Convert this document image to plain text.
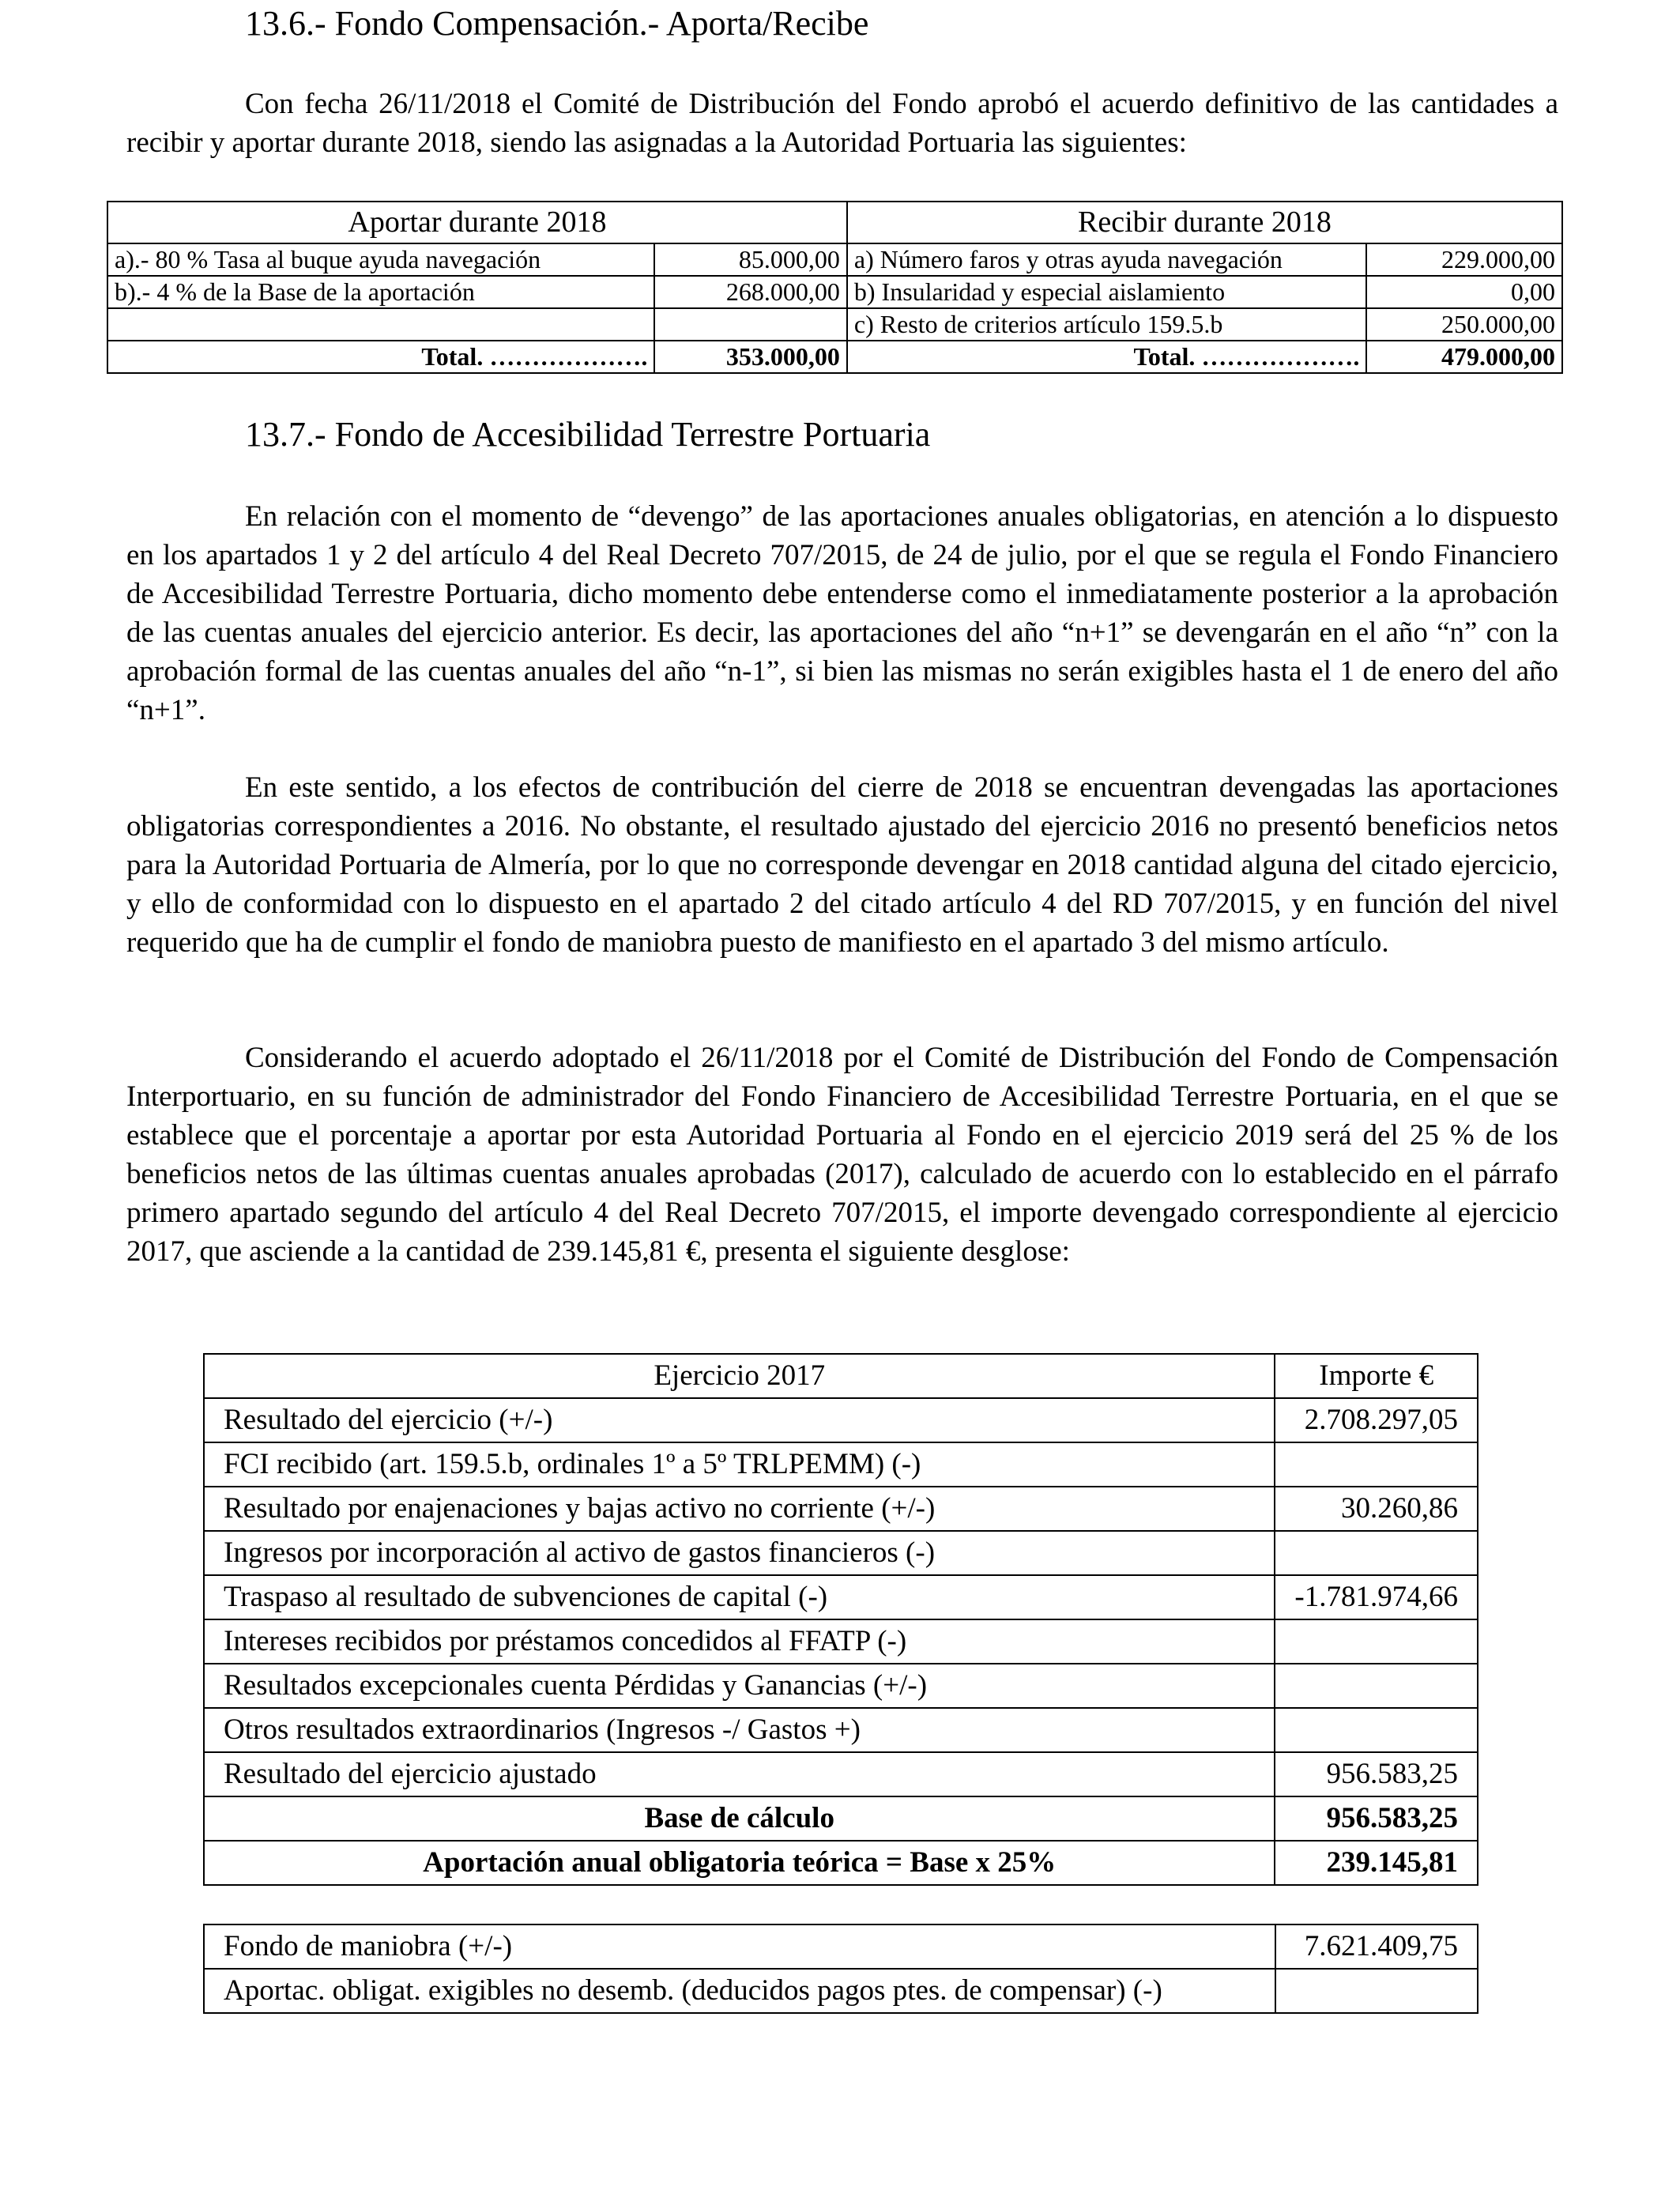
13.6.- Fondo Compensación.- Aporta/Recibe

Con fecha 26/11/2018 el Comité de Distribución del Fondo aprobó el acuerdo definitivo de las cantidades a recibir y aportar durante 2018, siendo las asignadas a la Autoridad Portuaria las siguientes:

Aportar durante 2018		Recibir durante 2018	
a).- 80 % Tasa al buque ayuda navegación	85.000,00	a) Número faros y otras ayuda navegación	229.000,00
b).- 4 % de la Base de la aportación	268.000,00	b) Insularidad y especial aislamiento	0,00
		c) Resto de criterios artículo 159.5.b	250.000,00
Total. ……………….	353.000,00	Total. ……………….	479.000,00
13.7.- Fondo de Accesibilidad Terrestre Portuaria

En relación con el momento de “devengo” de las aportaciones anuales obligatorias, en atención a lo dispuesto en los apartados 1 y 2 del artículo 4 del Real Decreto 707/2015, de 24 de julio, por el que se regula el Fondo Financiero de Accesibilidad Terrestre Portuaria, dicho momento debe entenderse como el inmediatamente posterior a la aprobación de las cuentas anuales del ejercicio anterior. Es decir, las aportaciones del año “n+1” se devengarán en el año “n” con la aprobación formal de las cuentas anuales del año “n-1”, si bien las mismas no serán exigibles hasta el 1 de enero del año “n+1”.

En este sentido, a los efectos de contribución del cierre de 2018 se encuentran devengadas las aportaciones obligatorias correspondientes a 2016. No obstante, el resultado ajustado del ejercicio 2016 no presentó beneficios netos para la Autoridad Portuaria de Almería, por lo que no corresponde devengar en 2018 cantidad alguna del citado ejercicio, y ello de conformidad con lo dispuesto en el apartado 2 del citado artículo 4 del RD 707/2015, y en función del nivel requerido que ha de cumplir el fondo de maniobra puesto de manifiesto en el apartado 3 del mismo artículo.

Considerando el acuerdo adoptado el 26/11/2018 por el Comité de Distribución del Fondo de Compensación Interportuario, en su función de administrador del Fondo Financiero de Accesibilidad Terrestre Portuaria, en el que se establece que el porcentaje a aportar por esta Autoridad Portuaria al Fondo en el ejercicio 2019 será del 25 % de los beneficios netos de las últimas cuentas anuales aprobadas (2017), calculado de acuerdo con lo establecido en el párrafo primero apartado segundo del artículo 4 del Real Decreto 707/2015, el importe devengado correspondiente al ejercicio 2017, que asciende a la cantidad de 239.145,81 €, presenta el siguiente desglose:

Ejercicio 2017	Importe €
Resultado del ejercicio (+/-)	2.708.297,05
FCI recibido (art. 159.5.b, ordinales 1º a 5º TRLPEMM) (-)	
Resultado por enajenaciones y bajas activo no corriente (+/-)	30.260,86
Ingresos por incorporación al activo de gastos financieros (-)	
Traspaso al resultado de subvenciones de capital (-)	-1.781.974,66
Intereses recibidos por préstamos concedidos al FFATP (-)	
Resultados excepcionales cuenta Pérdidas y Ganancias (+/-)	
Otros resultados extraordinarios (Ingresos -/ Gastos +)	
Resultado del ejercicio ajustado	956.583,25
Base de cálculo	956.583,25
Aportación anual obligatoria teórica = Base x 25%	239.145,81
Fondo de maniobra (+/-)	7.621.409,75
Aportac. obligat. exigibles no desemb. (deducidos pagos ptes. de compensar) (-)	
